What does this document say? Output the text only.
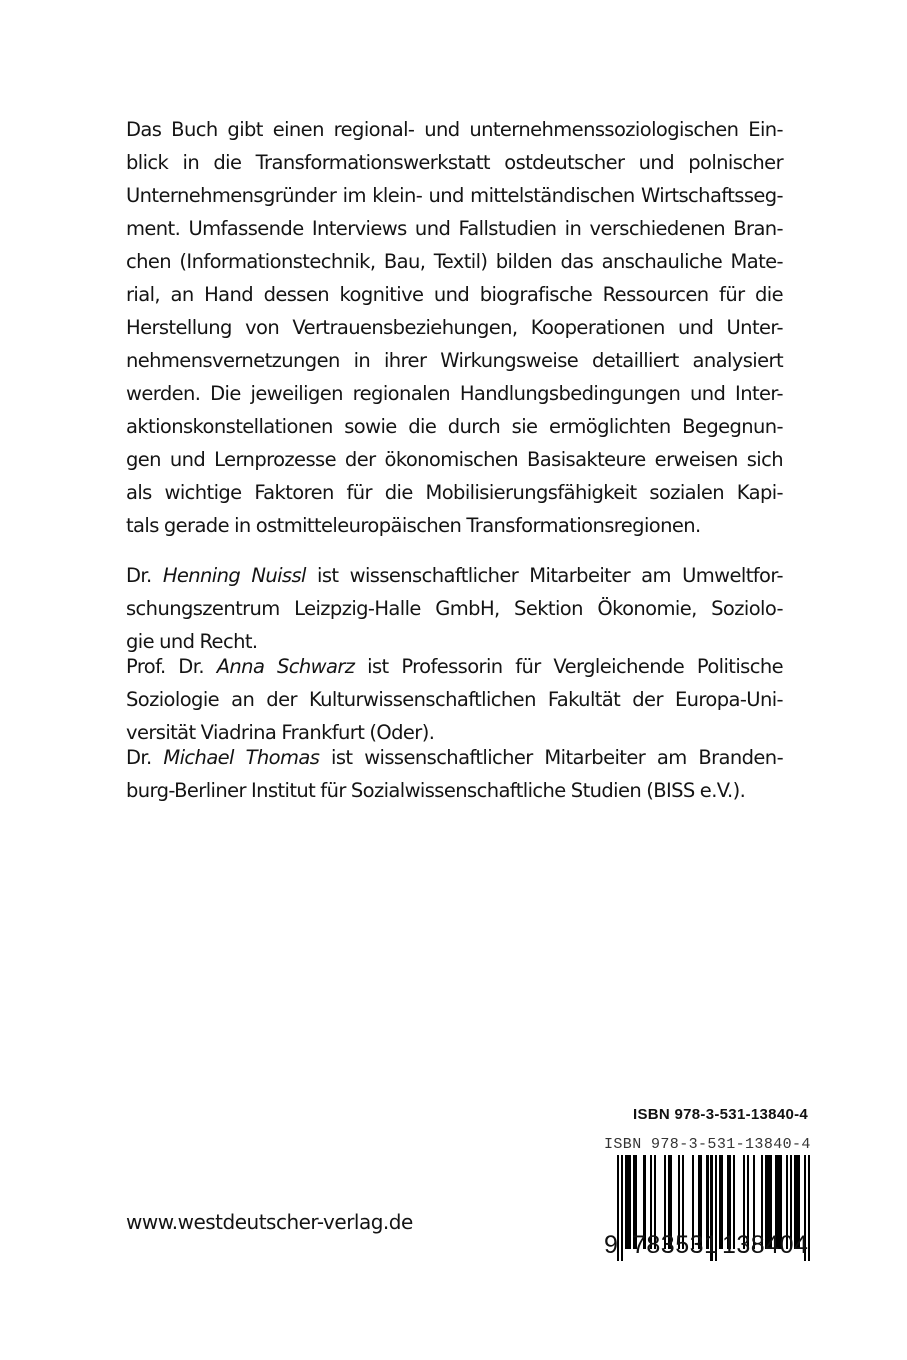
Das Buch gibt einen regional- und unternehmenssoziologischen Ein-
blick in die Transformationswerkstatt ostdeutscher und polnischer
Unternehmensgründer im klein- und mittelständischen Wirtschaftsseg-
ment. Umfassende Interviews und Fallstudien in verschiedenen Bran-
chen (Informationstechnik, Bau, Textil) bilden das anschauliche Mate-
rial, an Hand dessen kognitive und biografische Ressourcen für die
Herstellung von Vertrauensbeziehungen, Kooperationen und Unter-
nehmensvernetzungen in ihrer Wirkungsweise detailliert analysiert
werden. Die jeweiligen regionalen Handlungsbedingungen und Inter-
aktionskonstellationen sowie die durch sie ermöglichten Begegnun-
gen und Lernprozesse der ökonomischen Basisakteure erweisen sich
als wichtige Faktoren für die Mobilisierungsfähigkeit sozialen Kapi-
tals gerade in ostmitteleuropäischen Transformationsregionen.
Dr. Henning Nuissl ist wissenschaftlicher Mitarbeiter am Umweltfor-
schungszentrum Leizpzig-Halle GmbH, Sektion Ökonomie, Soziolo-
gie und Recht.
Prof. Dr. Anna Schwarz ist Professorin für Vergleichende Politische
Soziologie an der Kulturwissenschaftlichen Fakultät der Europa-Uni-
versität Viadrina Frankfurt (Oder).
Dr. Michael Thomas ist wissenschaftlicher Mitarbeiter am Branden-
burg-Berliner Institut für Sozialwissenschaftliche Studien (BISS e.V.).
ISBN 978-3-531-13840-4
ISBN 978-3-531-13840-4
9 783531 138404
www.westdeutscher-verlag.de
